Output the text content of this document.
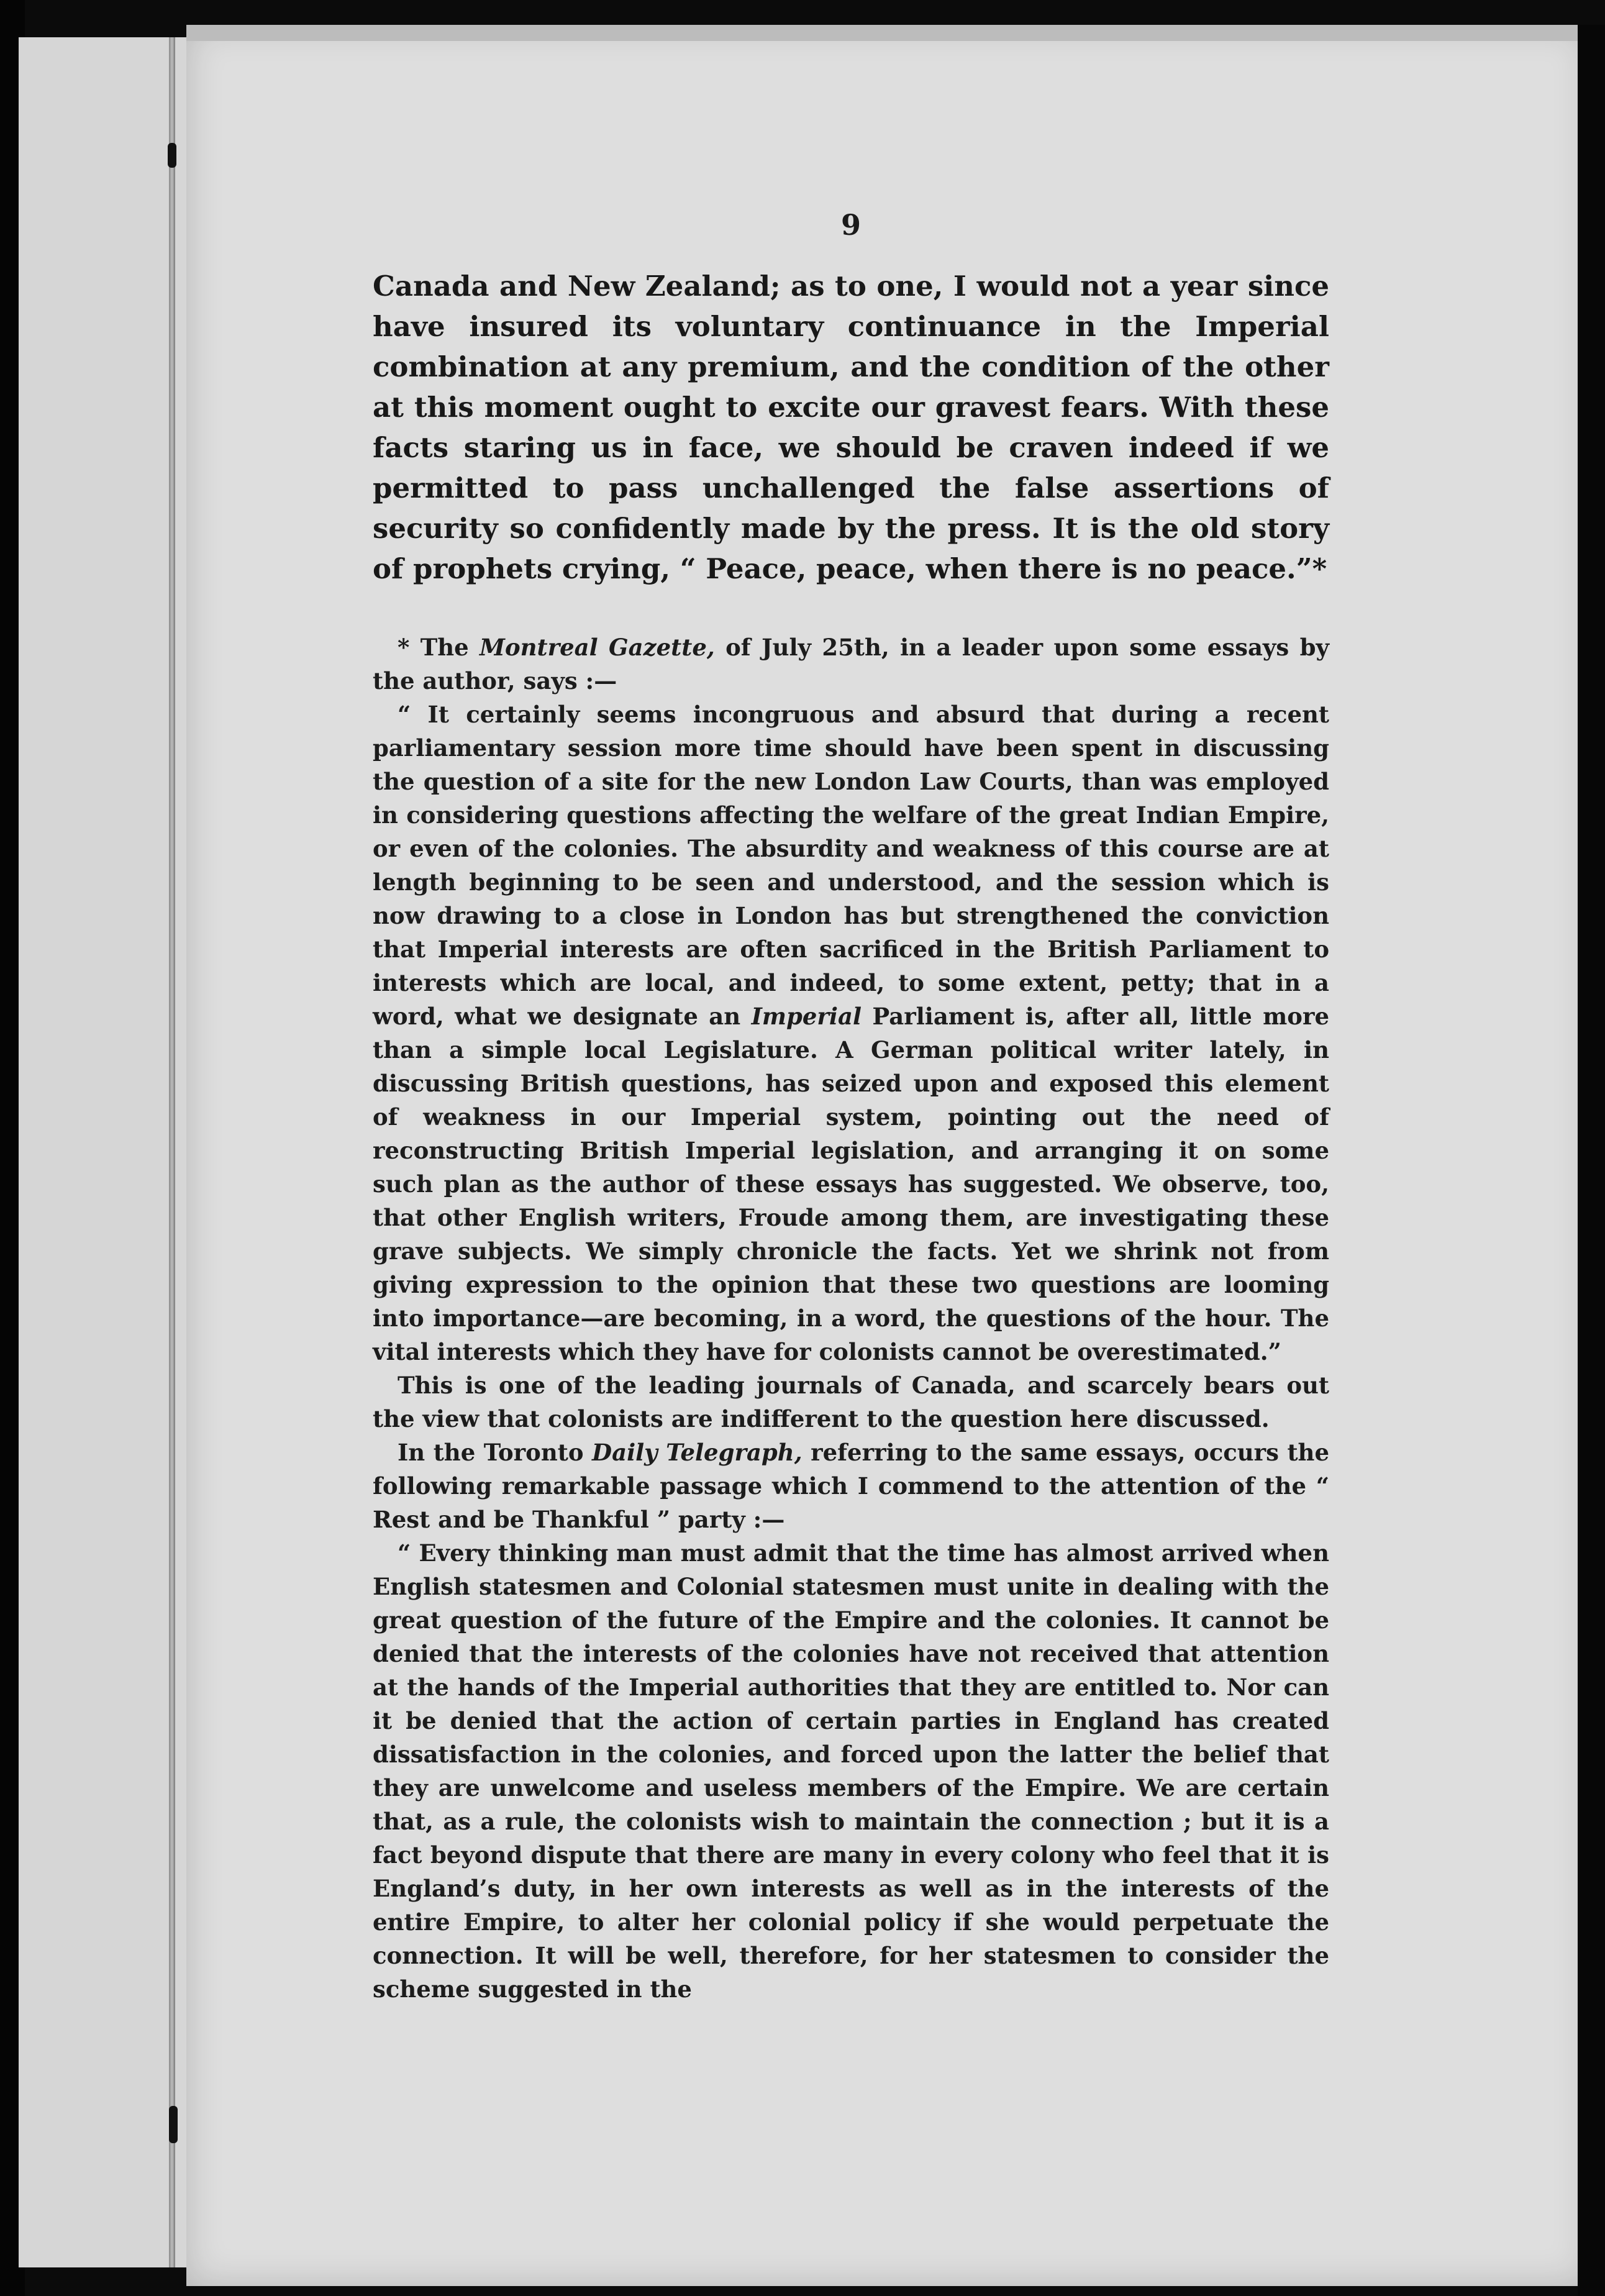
9

Canada and New Zealand; as to one, I would not a year since have insured its voluntary continuance in the Imperial combination at any premium, and the condition of the other at this moment ought to excite our gravest fears. With these facts staring us in face, we should be craven indeed if we permitted to pass unchallenged the false assertions of security so confidently made by the press. It is the old story of prophets crying, “ Peace, peace, when there is no peace.”*

* The Montreal Gazette, of July 25th, in a leader upon some essays by the author, says :—

“ It certainly seems incongruous and absurd that during a recent parliamentary session more time should have been spent in discussing the question of a site for the new London Law Courts, than was employed in considering questions affecting the welfare of the great Indian Empire, or even of the colonies. The absurdity and weakness of this course are at length beginning to be seen and understood, and the session which is now drawing to a close in London has but strengthened the conviction that Imperial interests are often sacrificed in the British Parliament to interests which are local, and indeed, to some extent, petty; that in a word, what we designate an Imperial Parliament is, after all, little more than a simple local Legislature. A German political writer lately, in discussing British questions, has seized upon and exposed this element of weakness in our Imperial system, pointing out the need of reconstructing British Imperial legislation, and arranging it on some such plan as the author of these essays has suggested. We observe, too, that other English writers, Froude among them, are investigating these grave subjects. We simply chronicle the facts. Yet we shrink not from giving expression to the opinion that these two questions are looming into importance—are becoming, in a word, the questions of the hour. The vital interests which they have for colonists cannot be overestimated.”

This is one of the leading journals of Canada, and scarcely bears out the view that colonists are indifferent to the question here discussed.

In the Toronto Daily Telegraph, referring to the same essays, occurs the following remarkable passage which I commend to the attention of the “ Rest and be Thankful ” party :—

“ Every thinking man must admit that the time has almost arrived when English statesmen and Colonial statesmen must unite in dealing with the great question of the future of the Empire and the colonies. It cannot be denied that the interests of the colonies have not received that attention at the hands of the Imperial authorities that they are entitled to. Nor can it be denied that the action of certain parties in England has created dissatisfaction in the colonies, and forced upon the latter the belief that they are unwelcome and useless members of the Empire. We are certain that, as a rule, the colonists wish to maintain the connection ; but it is a fact beyond dispute that there are many in every colony who feel that it is England’s duty, in her own interests as well as in the interests of the entire Empire, to alter her colonial policy if she would perpetuate the connection. It will be well, therefore, for her statesmen to consider the scheme suggested in the
